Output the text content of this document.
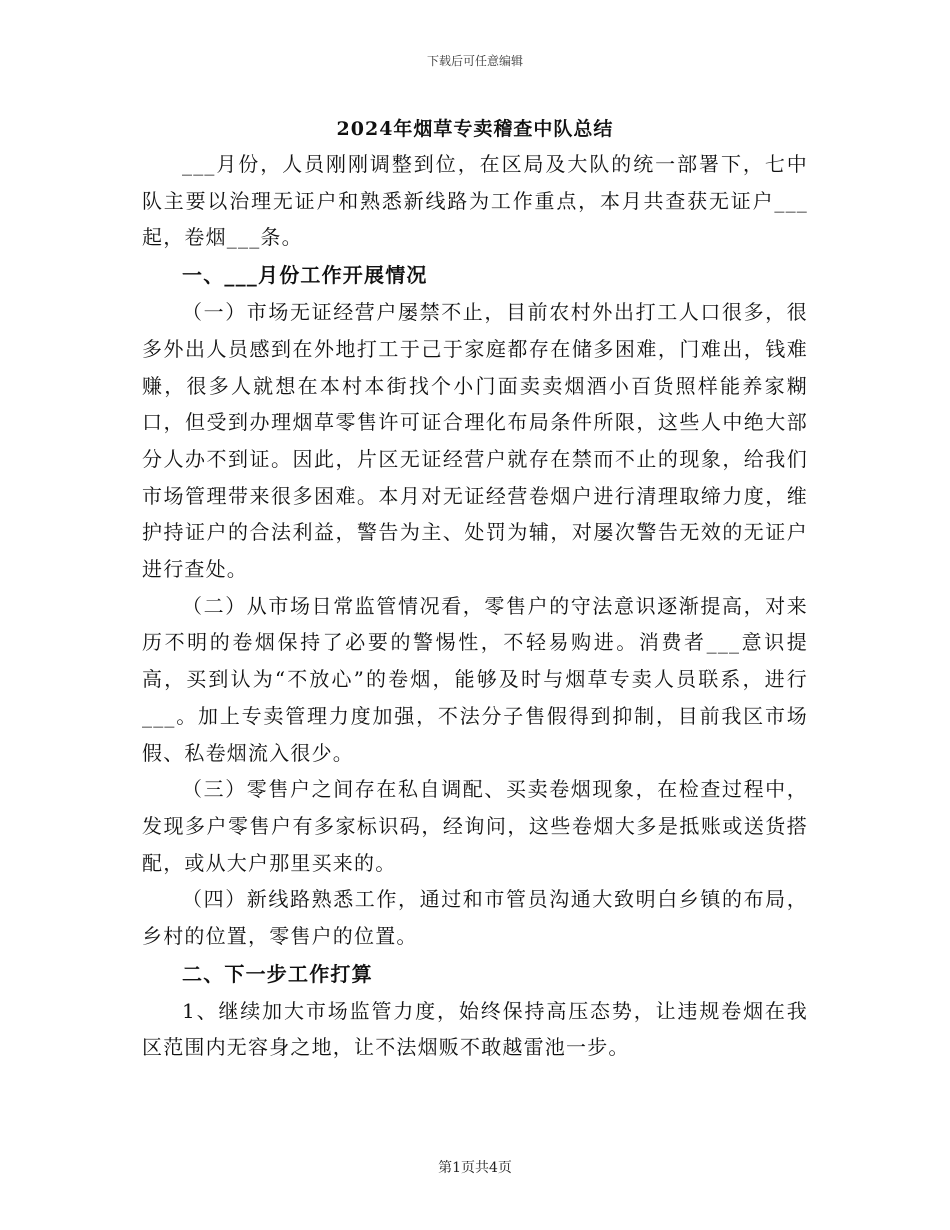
下载后可任意编辑
2024年烟草专卖稽查中队总结

___月份，人员刚刚调整到位，在区局及大队的统一部署下，七中队主要以治理无证户和熟悉新线路为工作重点，本月共查获无证户___起，卷烟___条。

一、___月份工作开展情况

（一）市场无证经营户屡禁不止，目前农村外出打工人口很多，很多外出人员感到在外地打工于己于家庭都存在储多困难，门难出，钱难赚，很多人就想在本村本街找个小门面卖卖烟酒小百货照样能养家糊口，但受到办理烟草零售许可证合理化布局条件所限，这些人中绝大部分人办不到证。因此，片区无证经营户就存在禁而不止的现象，给我们市场管理带来很多困难。本月对无证经营卷烟户进行清理取缔力度，维护持证户的合法利益，警告为主、处罚为辅，对屡次警告无效的无证户进行查处。

（二）从市场日常监管情况看，零售户的守法意识逐渐提高，对来历不明的卷烟保持了必要的警惕性，不轻易购进。消费者___意识提高，买到认为“不放心”的卷烟，能够及时与烟草专卖人员联系，进行___。加上专卖管理力度加强，不法分子售假得到抑制，目前我区市场假、私卷烟流入很少。

（三）零售户之间存在私自调配、买卖卷烟现象，在检查过程中，发现多户零售户有多家标识码，经询问，这些卷烟大多是抵账或送货搭配，或从大户那里买来的。

（四）新线路熟悉工作，通过和市管员沟通大致明白乡镇的布局，乡村的位置，零售户的位置。

二、下一步工作打算

1、继续加大市场监管力度，始终保持高压态势，让违规卷烟在我区范围内无容身之地，让不法烟贩不敢越雷池一步。

第1页共4页
